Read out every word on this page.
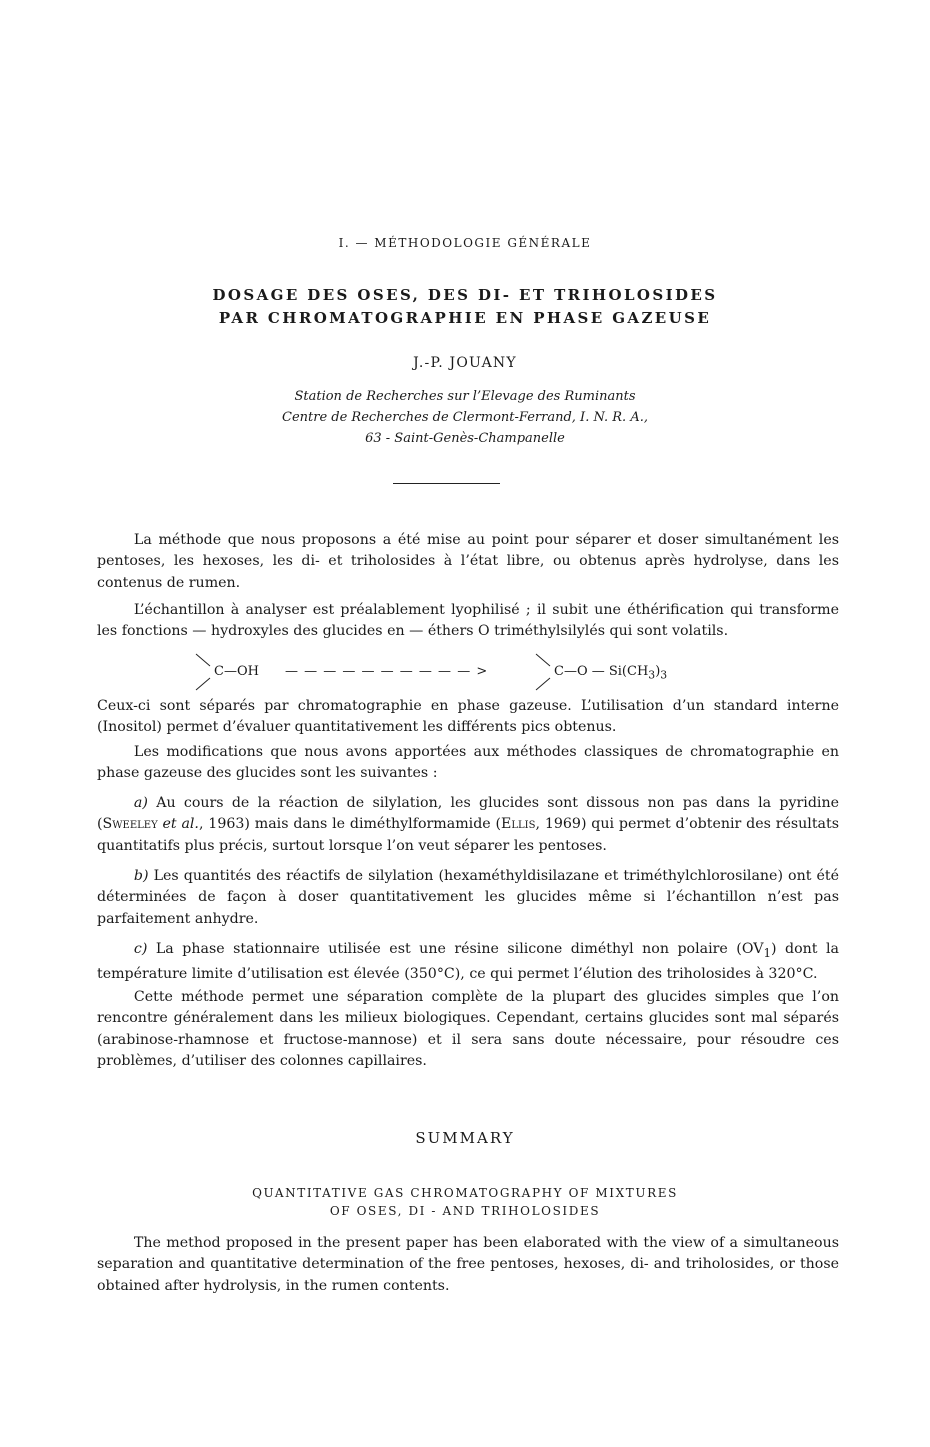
I. — MÉTHODOLOGIE GÉNÉRALE
DOSAGE DES OSES, DES DI- ET TRIHOLOSIDES
PAR CHROMATOGRAPHIE EN PHASE GAZEUSE
J.-P. JOUANY
Station de Recherches sur l’Elevage des Ruminants
Centre de Recherches de Clermont-Ferrand, I. N. R. A.,
63 - Saint-Genès-Champanelle

La méthode que nous proposons a été mise au point pour séparer et doser simultanément les pentoses, les hexoses, les di- et triholosides à l’état libre, ou obtenus après hydrolyse, dans les contenus de rumen.

L’échantillon à analyser est préalablement lyophilisé ; il subit une éthérification qui transforme les fonctions — hydroxyles des glucides en — éthers O triméthylsilylés qui sont volatils.

C—OH — — — — — — — — — — >	C—O — $Si(CH_3)_3$

Ceux-ci sont séparés par chromatographie en phase gazeuse. L’utilisation d’un standard interne (Inositol) permet d’évaluer quantitativement les différents pics obtenus.

Les modifications que nous avons apportées aux méthodes classiques de chromatographie en phase gazeuse des glucides sont les suivantes :

a) Au cours de la réaction de silylation, les glucides sont dissous non pas dans la pyridine (Sweeley et al., 1963) mais dans le diméthylformamide (Ellis, 1969) qui permet d’obtenir des résultats quantitatifs plus précis, surtout lorsque l’on veut séparer les pentoses.

b) Les quantités des réactifs de silylation (hexaméthyldisilazane et triméthylchlorosilane) ont été déterminées de façon à doser quantitativement les glucides même si l’échantillon n’est pas parfaitement anhydre.

c) La phase stationnaire utilisée est une résine silicone diméthyl non polaire $(OV_1)$ dont la température limite d’utilisation est élevée (350°C), ce qui permet l’élution des triholosides à 320°C.

Cette méthode permet une séparation complète de la plupart des glucides simples que l’on rencontre généralement dans les milieux biologiques. Cependant, certains glucides sont mal séparés (arabinose-rhamnose et fructose-mannose) et il sera sans doute nécessaire, pour résoudre ces problèmes, d’utiliser des colonnes capillaires.

SUMMARY
QUANTITATIVE GAS CHROMATOGRAPHY OF MIXTURES
OF OSES, DI - AND TRIHOLOSIDES

The method proposed in the present paper has been elaborated with the view of a simultaneous separation and quantitative determination of the free pentoses, hexoses, di- and triholosides, or those obtained after hydrolysis, in the rumen contents.
